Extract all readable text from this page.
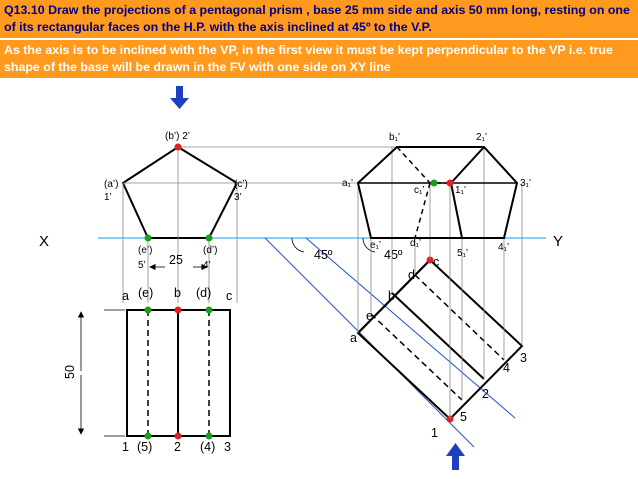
Q13.10 Draw the projections of a pentagonal prism , base 25 mm side and axis 50 mm long, resting on one of its rectangular faces on the H.P. with the axis inclined at 45º to the V.P.
As the axis is to be inclined with the VP, in the first view it must be kept perpendicular to the VP i.e. true shape of the base will be drawn in the FV with one side on XY line
X	Y
(b’) 2’
(a’)
1’
(c’)
3’
(e’)
5’
(d’)
4’
25
a (e) b (d) c
1 (5) 2 (4) 3
50
45º	45º
a
e
b
d
c
1
5
2
4
3
b₁’	2₁’
a₁’
c₁’	1₁’
3₁’
e₁’	d₁’
5₁’
4₁’
